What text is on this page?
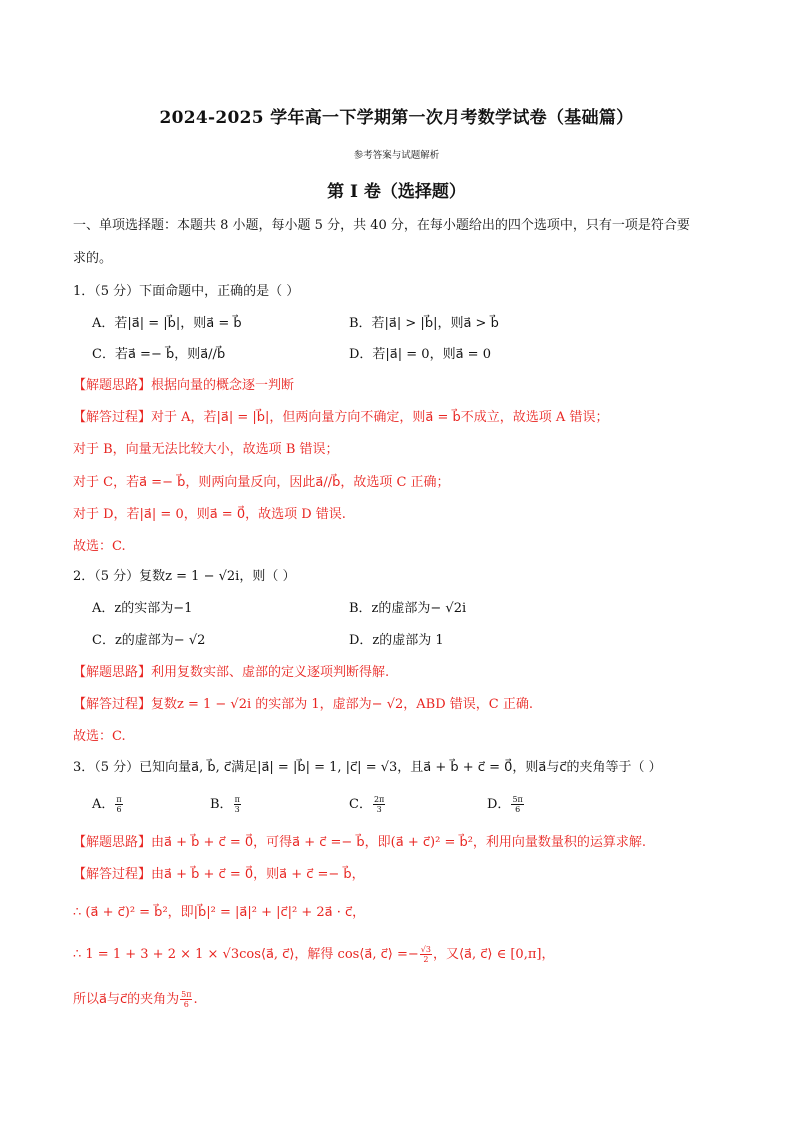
2024-2025 学年高一下学期第一次月考数学试卷（基础篇）
参考答案与试题解析
第 I 卷（选择题）
一、单项选择题：本题共 8 小题，每小题 5 分，共 40 分，在每小题给出的四个选项中，只有一项是符合要
求的。
1．（5 分）下面命题中，正确的是（ ）
A．若|a⃗| = |b⃗|，则a⃗ = b⃗	B．若|a⃗| > |b⃗|，则a⃗ > b⃗
C．若a⃗ =− b⃗，则a⃗//b⃗	D．若|a⃗| = 0，则a⃗ = 0
【解题思路】根据向量的概念逐一判断
【解答过程】对于 A，若|a⃗| = |b⃗|，但两向量方向不确定，则a⃗ = b⃗不成立，故选项 A 错误；
对于 B，向量无法比较大小，故选项 B 错误；
对于 C，若a⃗ =− b⃗，则两向量反向，因此a⃗//b⃗，故选项 C 正确；
对于 D，若|a⃗| = 0，则a⃗ = 0⃗，故选项 D 错误.
故选：C.
2．（5 分）复数z = 1 − √2i，则（ ）
A．z的实部为−1	B．z的虚部为− √2i
C．z的虚部为− √2	D．z的虚部为 1
【解题思路】利用复数实部、虚部的定义逐项判断得解.
【解答过程】复数z = 1 − √2i 的实部为 1，虚部为− √2，ABD 错误，C 正确.
故选：C.
3．（5 分）已知向量a⃗, b⃗, c⃗满足|a⃗| = |b⃗| = 1, |c⃗| = √3，且a⃗ + b⃗ + c⃗ = 0⃗，则a⃗与c⃗的夹角等于（ ）
A． $\frac{\pi}{6}$	B． $\frac{\pi}{3}$	C． $\frac{2\pi}{3}$	D． $\frac{5\pi}{6}$
【解题思路】由a⃗ + b⃗ + c⃗ = 0⃗，可得a⃗ + c⃗ =− b⃗，即(a⃗ + c⃗)² = b⃗²，利用向量数量积的运算求解.
【解答过程】由a⃗ + b⃗ + c⃗ = 0⃗，则a⃗ + c⃗ =− b⃗，
∴ (a⃗ + c⃗)² = b⃗²，即|b⃗|² = |a⃗|² + |c⃗|² + 2a⃗ · c⃗，
∴ 1 = 1 + 3 + 2 × 1 × √3cos⟨a⃗, c⃗⟩，解得 cos⟨a⃗, c⃗⟩ =− $\frac{√3}{2}$ ，又⟨a⃗, c⃗⟩ ∈ [0,π]，
所以a⃗与c⃗的夹角为 $\frac{5\pi}{6}$ .
